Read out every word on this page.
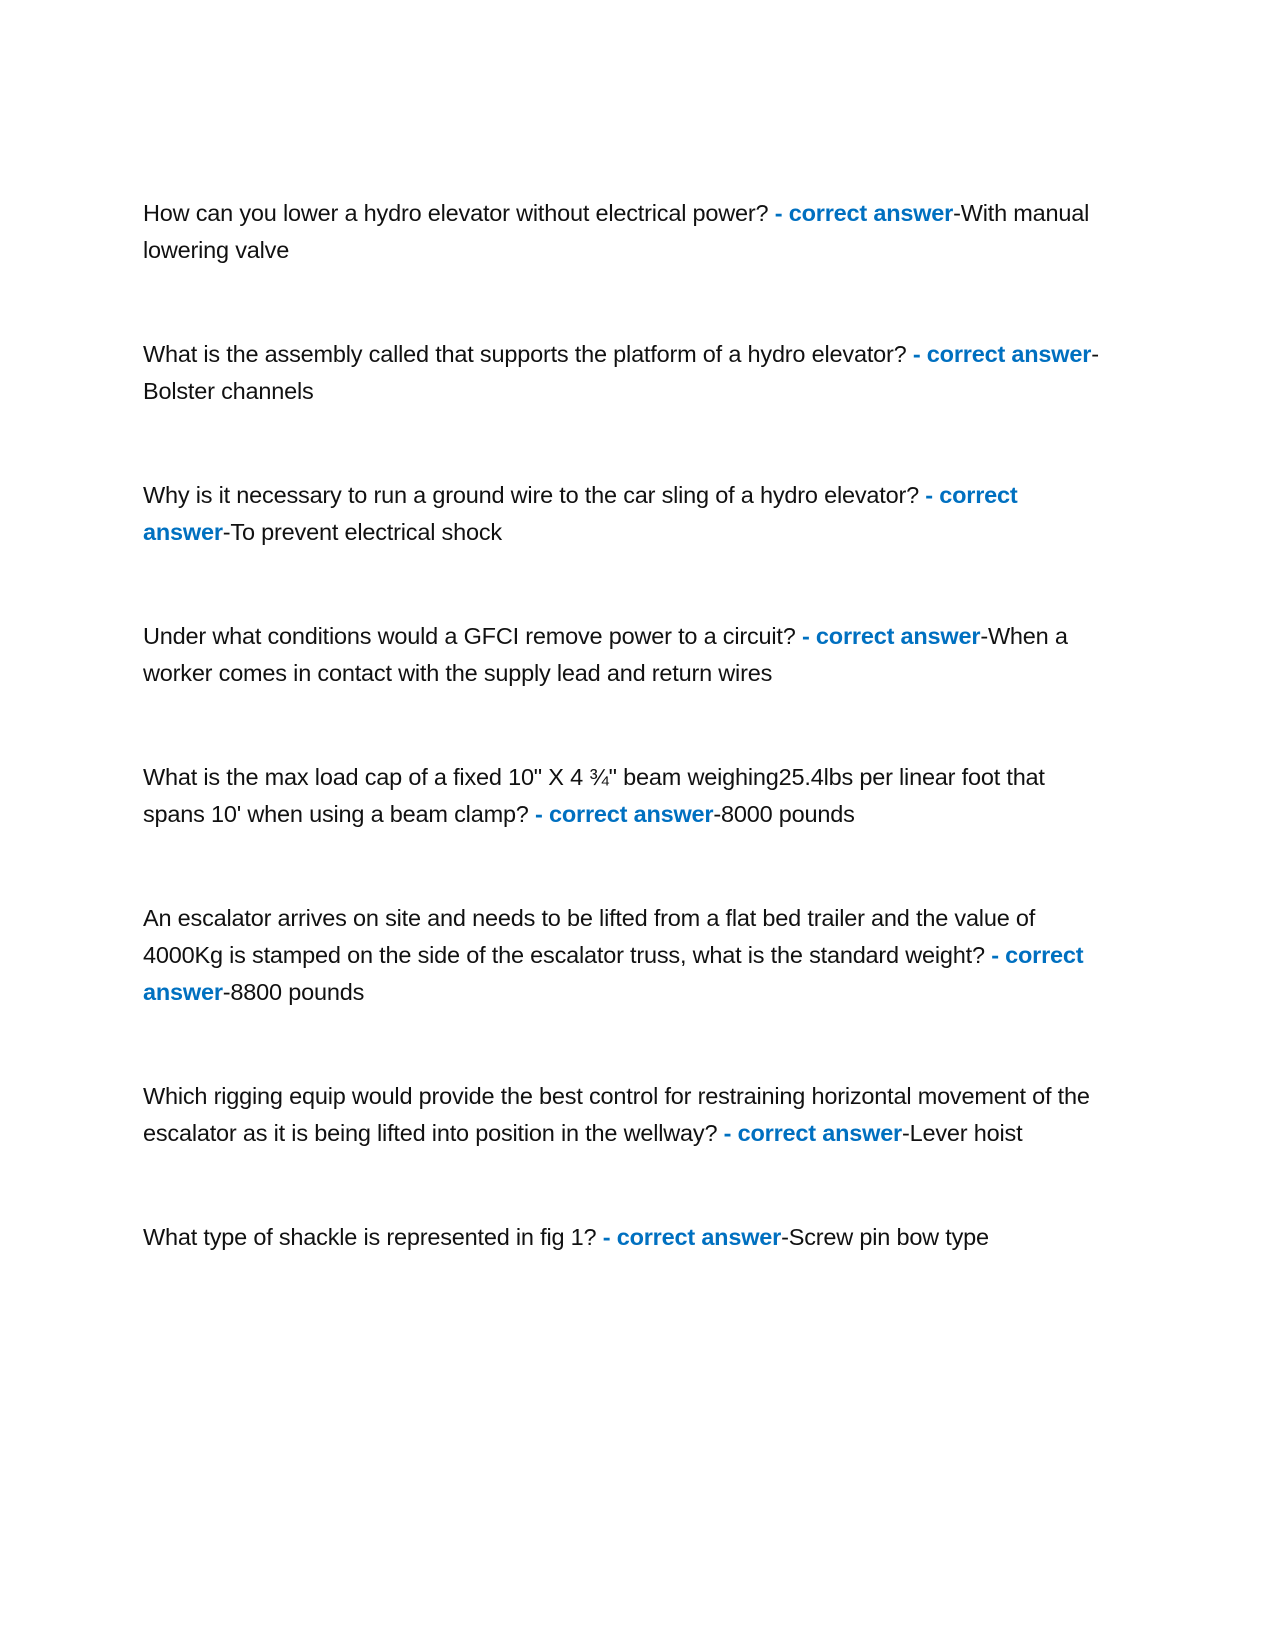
How can you lower a hydro elevator without electrical power? - correct answer-With manual lowering valve

What is the assembly called that supports the platform of a hydro elevator? - correct answer-Bolster channels

Why is it necessary to run a ground wire to the car sling of a hydro elevator? - correct answer-To prevent electrical shock

Under what conditions would a GFCI remove power to a circuit? - correct answer-When a worker comes in contact with the supply lead and return wires

What is the max load cap of a fixed 10" X 4 ¾" beam weighing25.4lbs per linear foot that spans 10' when using a beam clamp? - correct answer-8000 pounds

An escalator arrives on site and needs to be lifted from a flat bed trailer and the value of 4000Kg is stamped on the side of the escalator truss, what is the standard weight? - correct answer-8800 pounds

Which rigging equip would provide the best control for restraining horizontal movement of the escalator as it is being lifted into position in the wellway? - correct answer-Lever hoist

What type of shackle is represented in fig 1? - correct answer-Screw pin bow type
